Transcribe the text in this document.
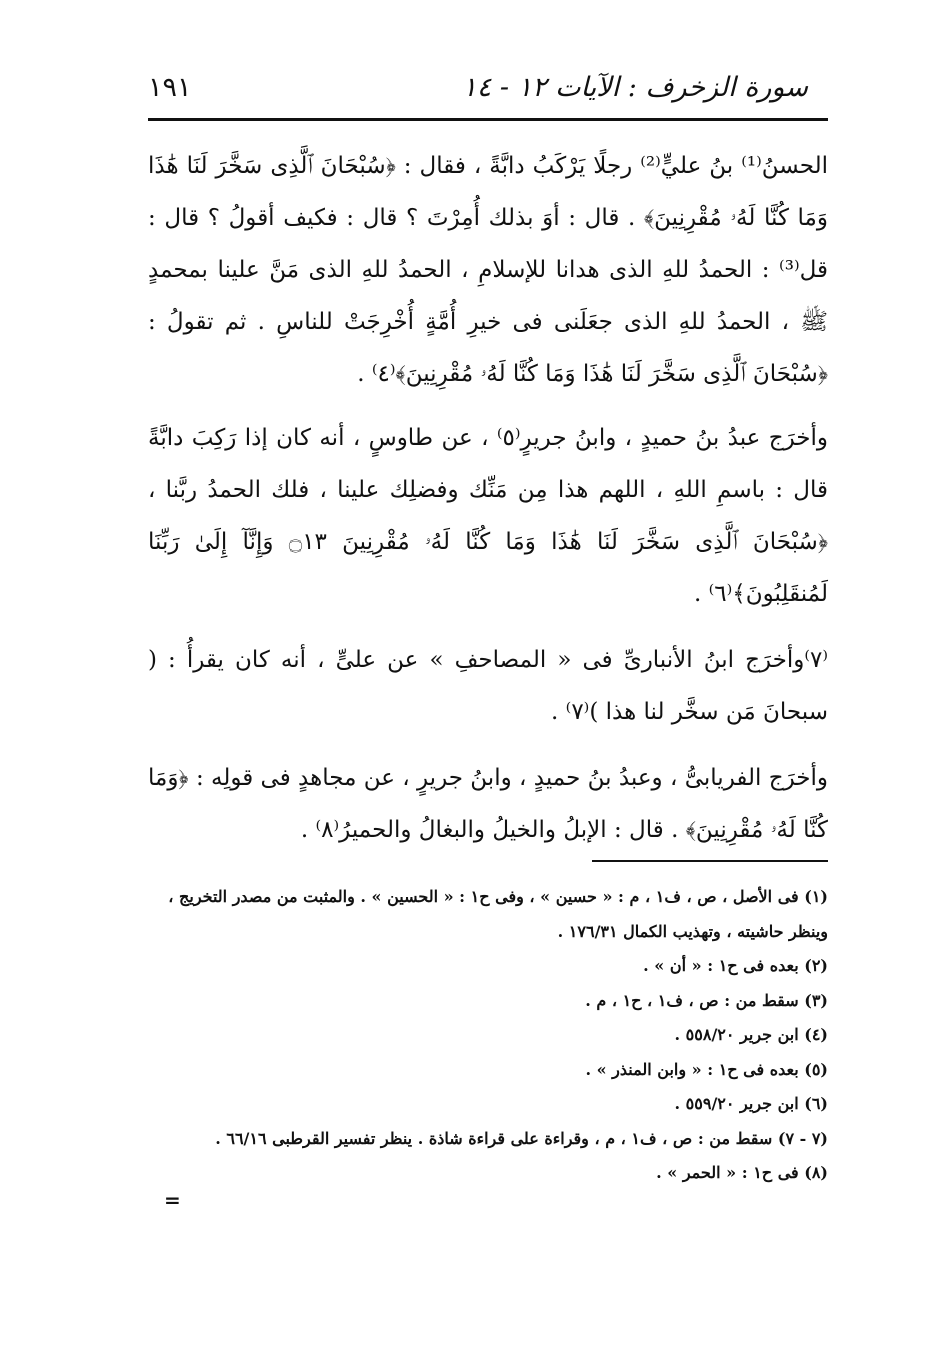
سورة الزخرف : الآيات ١٢ - ١٤
١٩١

الحسنُ⁽¹⁾ بنُ عليٍّ⁽²⁾ رجلًا يَرْكَبُ دابَّةً ، فقال : ﴿سُبْحَانَ ٱلَّذِى سَخَّرَ لَنَا هَٰذَا وَمَا كُنَّا لَهُۥ مُقْرِنِينَ﴾ . قال : أوَ بذلك أُمِرْتَ ؟ قال : فكيف أقولُ ؟ قال : قل⁽³⁾ : الحمدُ للهِ الذى هدانا للإسلامِ ، الحمدُ للهِ الذى مَنَّ علينا بمحمدٍ ﷺ ، الحمدُ للهِ الذى جعَلَنى فى خيرِ أُمَّةٍ أُخْرِجَتْ للناسِ . ثم تقولُ : ﴿سُبْحَانَ ٱلَّذِى سَخَّرَ لَنَا هَٰذَا وَمَا كُنَّا لَهُۥ مُقْرِنِينَ﴾⁽٤⁾ .

وأخرَج عبدُ بنُ حميدٍ ، وابنُ جريرٍ⁽٥⁾ ، عن طاوسٍ ، أنه كان إذا رَكِبَ دابَّةً قال : باسمِ اللهِ ، اللهم هذا مِن مَنِّك وفضلِك علينا ، فلك الحمدُ ربَّنا ، ﴿سُبْحَانَ ٱلَّذِى سَخَّرَ لَنَا هَٰذَا وَمَا كُنَّا لَهُۥ مُقْرِنِينَ ۝١٣ وَإِنَّآ إِلَىٰ رَبِّنَا لَمُنقَلِبُونَ﴾⁽٦⁾ .

⁽٧⁾وأخرَج ابنُ الأنبارىِّ فى « المصاحفِ » عن علىٍّ ، أنه كان يقرأُ : ( سبحانَ مَن سخَّر لنا هذا )⁽٧⁾ .

وأخرَج الفريابىُّ ، وعبدُ بنُ حميدٍ ، وابنُ جريرٍ ، عن مجاهدٍ فى قولِه : ﴿وَمَا كُنَّا لَهُۥ مُقْرِنِينَ﴾ . قال : الإبلُ والخيلُ والبغالُ والحميرُ⁽٨⁾ .

(١) فى الأصل ، ص ، ف١ ، م : « حسين » ، وفى ح١ : « الحسين » . والمثبت من مصدر التخريج ، وينظر حاشيته ، وتهذيب الكمال ١٧٦/٣١ .

(٢) بعده فى ح١ : « أن » .

(٣) سقط من : ص ، ف١ ، ح١ ، م .

(٤) ابن جرير ٥٥٨/٢٠ .

(٥) بعده فى ح١ : « وابن المنذر » .

(٦) ابن جرير ٥٥٩/٢٠ .

(٧ - ٧) سقط من : ص ، ف١ ، م ، وقراءة على قراءة شاذة . ينظر تفسير القرطبى ٦٦/١٦ .

(٨) فى ح١ : « الحمر » .

=
